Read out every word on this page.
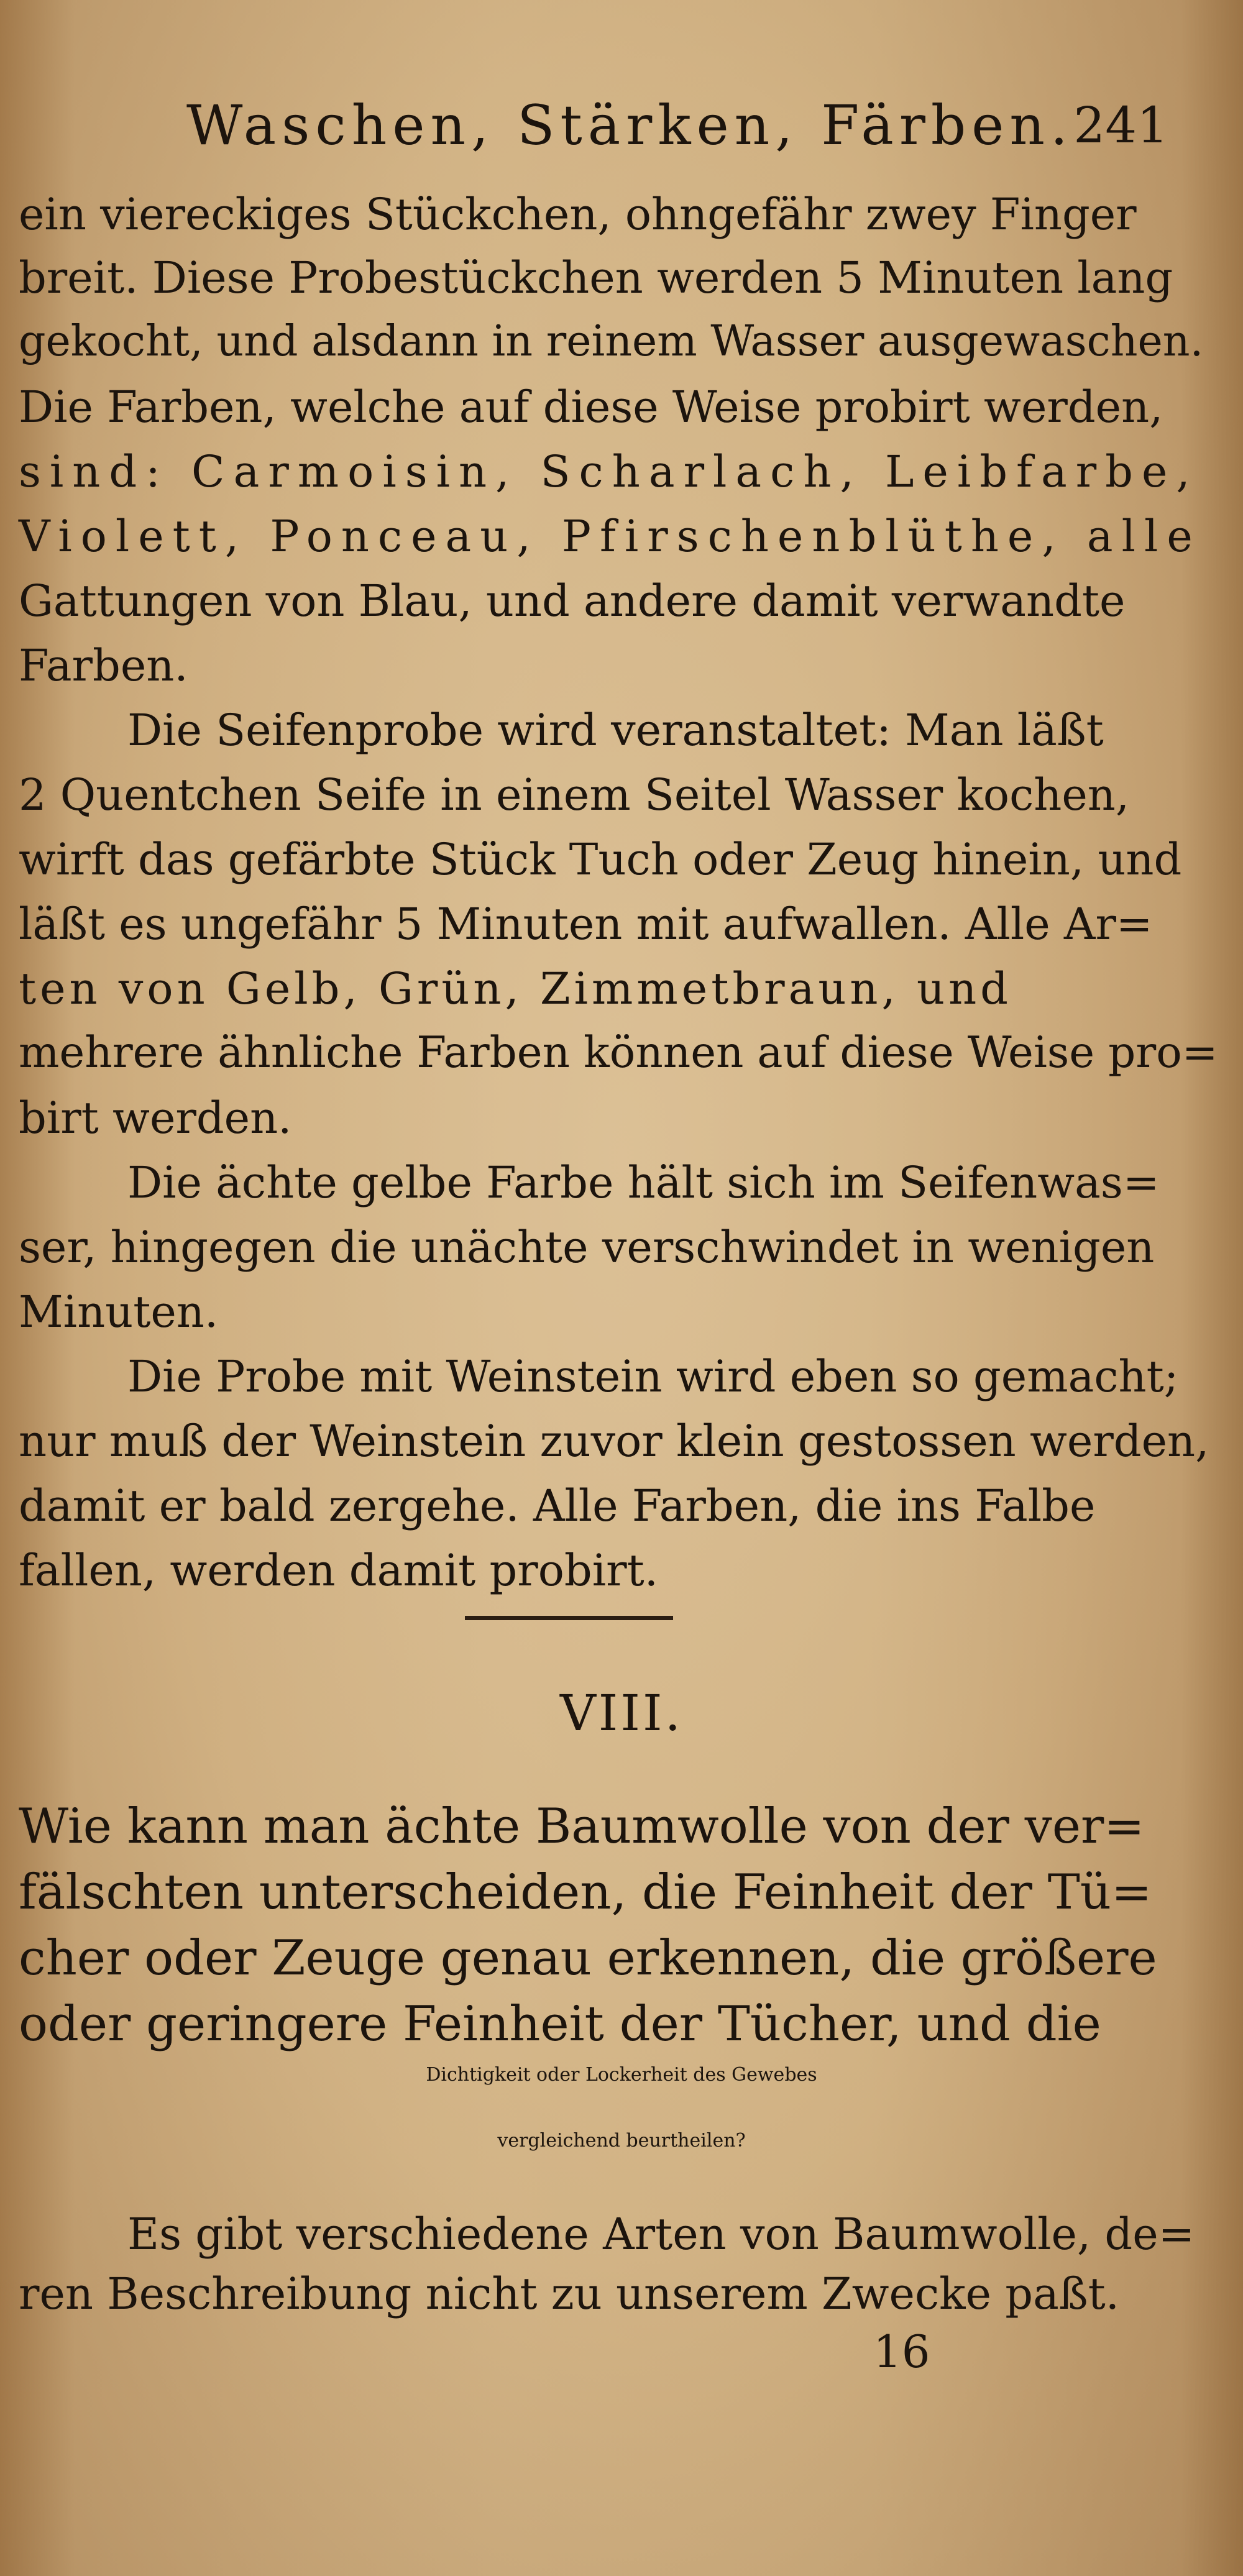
Waschen, Stärken, Färben. 241
ein viereckiges Stückchen, ohngefähr zwey Finger
breit. Diese Probestückchen werden 5 Minuten lang
gekocht, und alsdann in reinem Wasser ausgewaschen.
Die Farben, welche auf diese Weise probirt werden,
sind: Carmoisin, Scharlach, Leibfarbe,
Violett, Ponceau, Pfirschenblüthe, alle
Gattungen von Blau, und andere damit verwandte
Farben.
Die Seifenprobe wird veranstaltet: Man läßt
2 Quentchen Seife in einem Seitel Wasser kochen,
wirft das gefärbte Stück Tuch oder Zeug hinein, und
läßt es ungefähr 5 Minuten mit aufwallen. Alle Ar=
ten von Gelb, Grün, Zimmetbraun, und
mehrere ähnliche Farben können auf diese Weise pro=
birt werden.
Die ächte gelbe Farbe hält sich im Seifenwas=
ser, hingegen die unächte verschwindet in wenigen
Minuten.
Die Probe mit Weinstein wird eben so gemacht;
nur muß der Weinstein zuvor klein gestossen werden,
damit er bald zergehe. Alle Farben, die ins Falbe
fallen, werden damit probirt.
VIII.
Wie kann man ächte Baumwolle von der ver=
fälschten unterscheiden, die Feinheit der Tü=
cher oder Zeuge genau erkennen, die größere
oder geringere Feinheit der Tücher, und die
Dichtigkeit oder Lockerheit des Gewebes
vergleichend beurtheilen?
Es gibt verschiedene Arten von Baumwolle, de=
ren Beschreibung nicht zu unserem Zwecke paßt.
16
